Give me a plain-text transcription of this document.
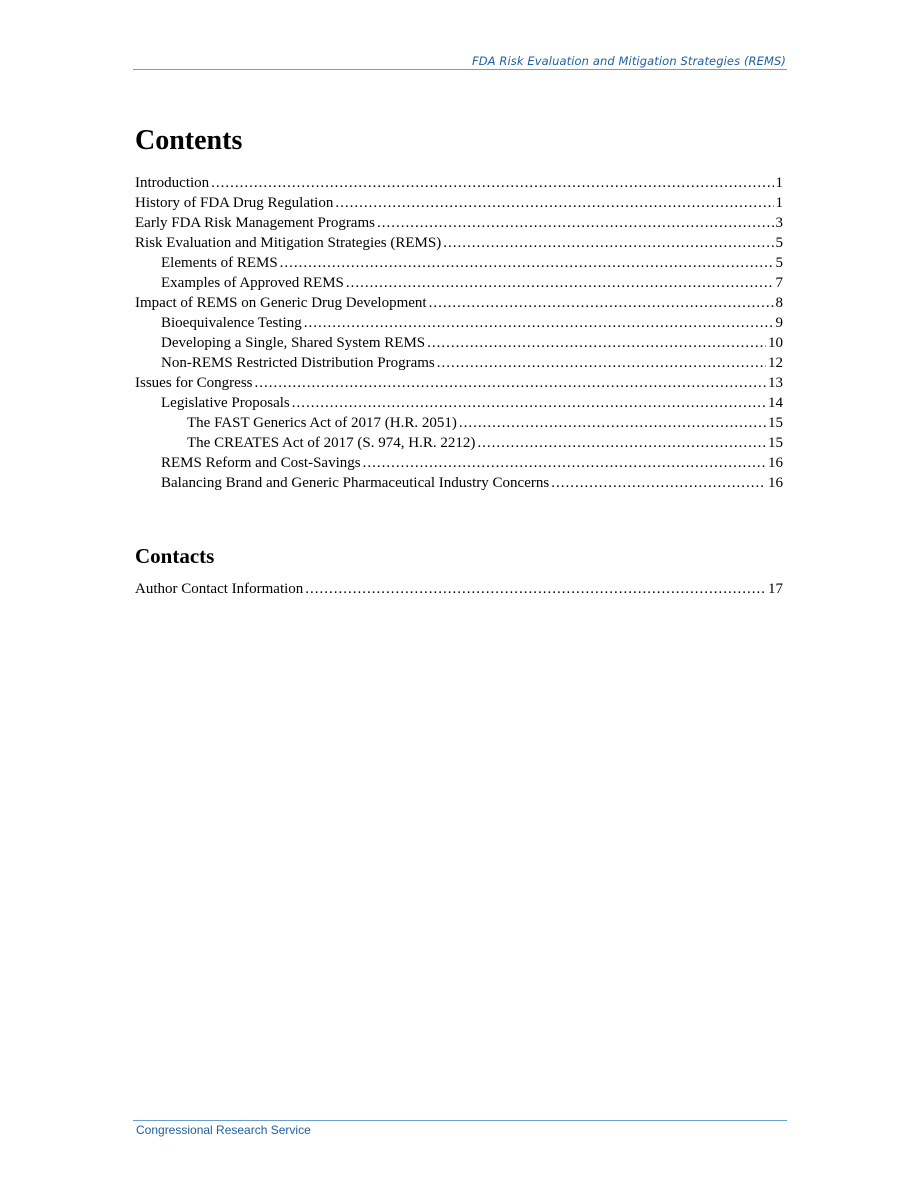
FDA Risk Evaluation and Mitigation Strategies (REMS)
Contents
Introduction .....	1
History of FDA Drug Regulation .....	1
Early FDA Risk Management Programs .....	3
Risk Evaluation and Mitigation Strategies (REMS) .....	5
Elements of REMS .....	5
Examples of Approved REMS .....	7
Impact of REMS on Generic Drug Development .....	8
Bioequivalence Testing .....	9
Developing a Single, Shared System REMS .....	10
Non-REMS Restricted Distribution Programs .....	12
Issues for Congress .....	13
Legislative Proposals .....	14
The FAST Generics Act of 2017 (H.R. 2051) .....	15
The CREATES Act of 2017 (S. 974, H.R. 2212) .....	15
REMS Reform and Cost-Savings .....	16
Balancing Brand and Generic Pharmaceutical Industry Concerns .....	16
Contacts
Author Contact Information .....	17
Congressional Research Service
